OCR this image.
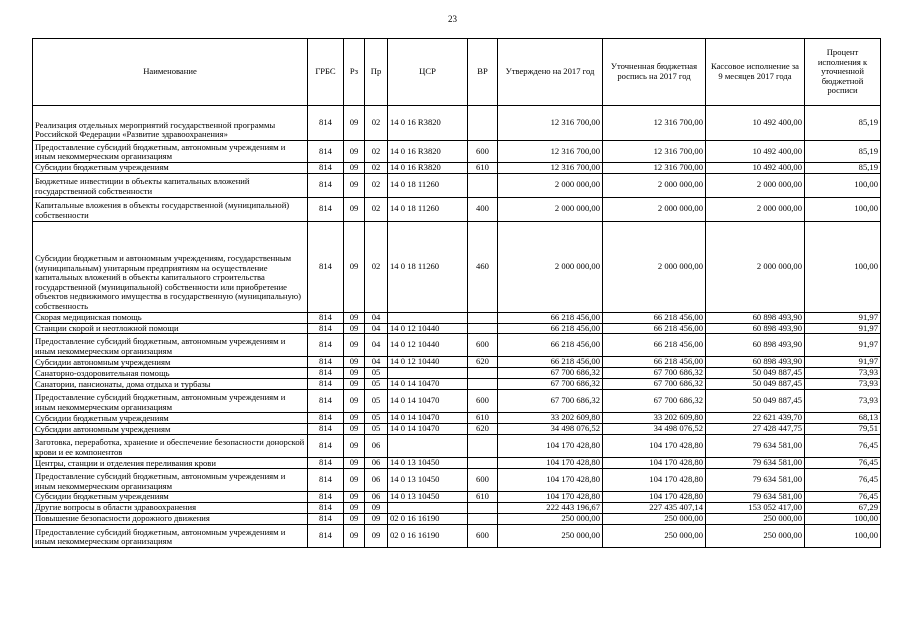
23
Наименование	ГРБС	Рз	Пр	ЦСР	ВР	Утверждено на 2017 год	Уточненная бюджетная роспись на 2017 год	Кассовое исполнение за 9 месяцев 2017 года	Процент исполнения к уточненной бюджетной росписи
Реализация отдельных мероприятий государственной программы Российской Федерации «Развитие здравоохранения»	814	09	02	14 0 16 R3820		12 316 700,00	12 316 700,00	10 492 400,00	85,19
Предоставление субсидий бюджетным, автономным учреждениям и иным некоммерческим организациям	814	09	02	14 0 16 R3820	600	12 316 700,00	12 316 700,00	10 492 400,00	85,19
Субсидии бюджетным учреждениям	814	09	02	14 0 16 R3820	610	12 316 700,00	12 316 700,00	10 492 400,00	85,19
Бюджетные инвестиции в объекты капитальных вложений государственной собственности	814	09	02	14 0 18 11260		2 000 000,00	2 000 000,00	2 000 000,00	100,00
Капитальные вложения в объекты государственной (муниципальной) собственности	814	09	02	14 0 18 11260	400	2 000 000,00	2 000 000,00	2 000 000,00	100,00
Субсидии бюджетным и автономным учреждениям, государственным (муниципальным) унитарным предприятиям на осуществление капитальных вложений в объекты капитального строительства государственной (муниципальной) собственности или приобретение объектов недвижимого имущества в государственную (муниципальную) собственность	814	09	02	14 0 18 11260	460	2 000 000,00	2 000 000,00	2 000 000,00	100,00
Скорая медицинская помощь	814	09	04			66 218 456,00	66 218 456,00	60 898 493,90	91,97
Станции скорой и неотложной помощи	814	09	04	14 0 12 10440		66 218 456,00	66 218 456,00	60 898 493,90	91,97
Предоставление субсидий бюджетным, автономным учреждениям и иным некоммерческим организациям	814	09	04	14 0 12 10440	600	66 218 456,00	66 218 456,00	60 898 493,90	91,97
Субсидии автономным учреждениям	814	09	04	14 0 12 10440	620	66 218 456,00	66 218 456,00	60 898 493,90	91,97
Санаторно-оздоровительная помощь	814	09	05			67 700 686,32	67 700 686,32	50 049 887,45	73,93
Санатории, пансионаты, дома отдыха и турбазы	814	09	05	14 0 14 10470		67 700 686,32	67 700 686,32	50 049 887,45	73,93
Предоставление субсидий бюджетным, автономным учреждениям и иным некоммерческим организациям	814	09	05	14 0 14 10470	600	67 700 686,32	67 700 686,32	50 049 887,45	73,93
Субсидии бюджетным учреждениям	814	09	05	14 0 14 10470	610	33 202 609,80	33 202 609,80	22 621 439,70	68,13
Субсидии автономным учреждениям	814	09	05	14 0 14 10470	620	34 498 076,52	34 498 076,52	27 428 447,75	79,51
Заготовка, переработка, хранение и обеспечение безопасности донорской крови и ее компонентов	814	09	06			104 170 428,80	104 170 428,80	79 634 581,00	76,45
Центры, станции и отделения переливания крови	814	09	06	14 0 13 10450		104 170 428,80	104 170 428,80	79 634 581,00	76,45
Предоставление субсидий бюджетным, автономным учреждениям и иным некоммерческим организациям	814	09	06	14 0 13 10450	600	104 170 428,80	104 170 428,80	79 634 581,00	76,45
Субсидии бюджетным учреждениям	814	09	06	14 0 13 10450	610	104 170 428,80	104 170 428,80	79 634 581,00	76,45
Другие вопросы в области здравоохранения	814	09	09			222 443 196,67	227 435 407,14	153 052 417,00	67,29
Повышение безопасности дорожного движения	814	09	09	02 0 16 16190		250 000,00	250 000,00	250 000,00	100,00
Предоставление субсидий бюджетным, автономным учреждениям и иным некоммерческим организациям	814	09	09	02 0 16 16190	600	250 000,00	250 000,00	250 000,00	100,00
